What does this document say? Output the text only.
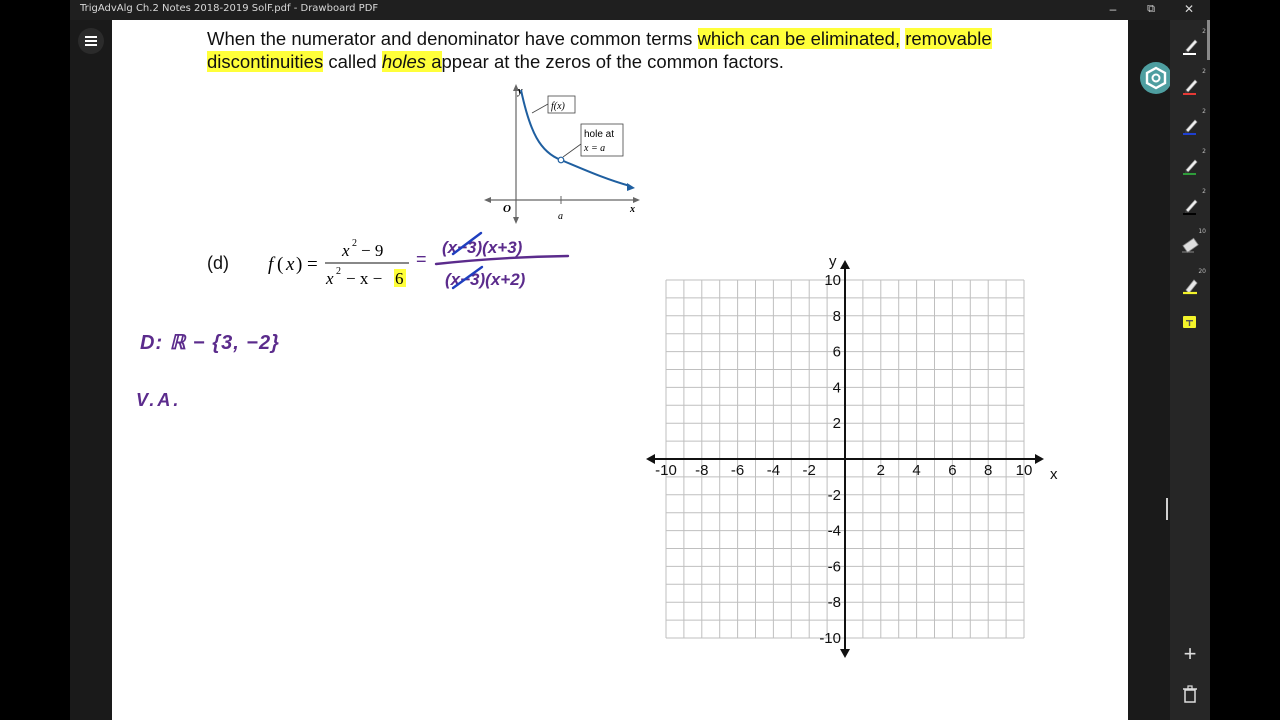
TrigAdvAlg Ch.2 Notes 2018-2019 SolF.pdf - Drawboard PDF	–	⧉	✕
When the numerator and denominator have common terms which can be eliminated, removable discontinuities called holes appear at the zeros of the common factors.
y
x
O
a
f(x)
hole at
x = a
(d) f ( x ) =
x 2 − 9
x 2 − x − 6
=
(x−3)(x+3)
(x−3)(x+2)
D: ℝ − {3, −2}
V.A.
-10 -8 -6 -4 -2	2 4 6 8 10
10
8
6
4
2
-2
-4
-6
-8
-10
x
y
+
2
2
2
2
2
10
20
